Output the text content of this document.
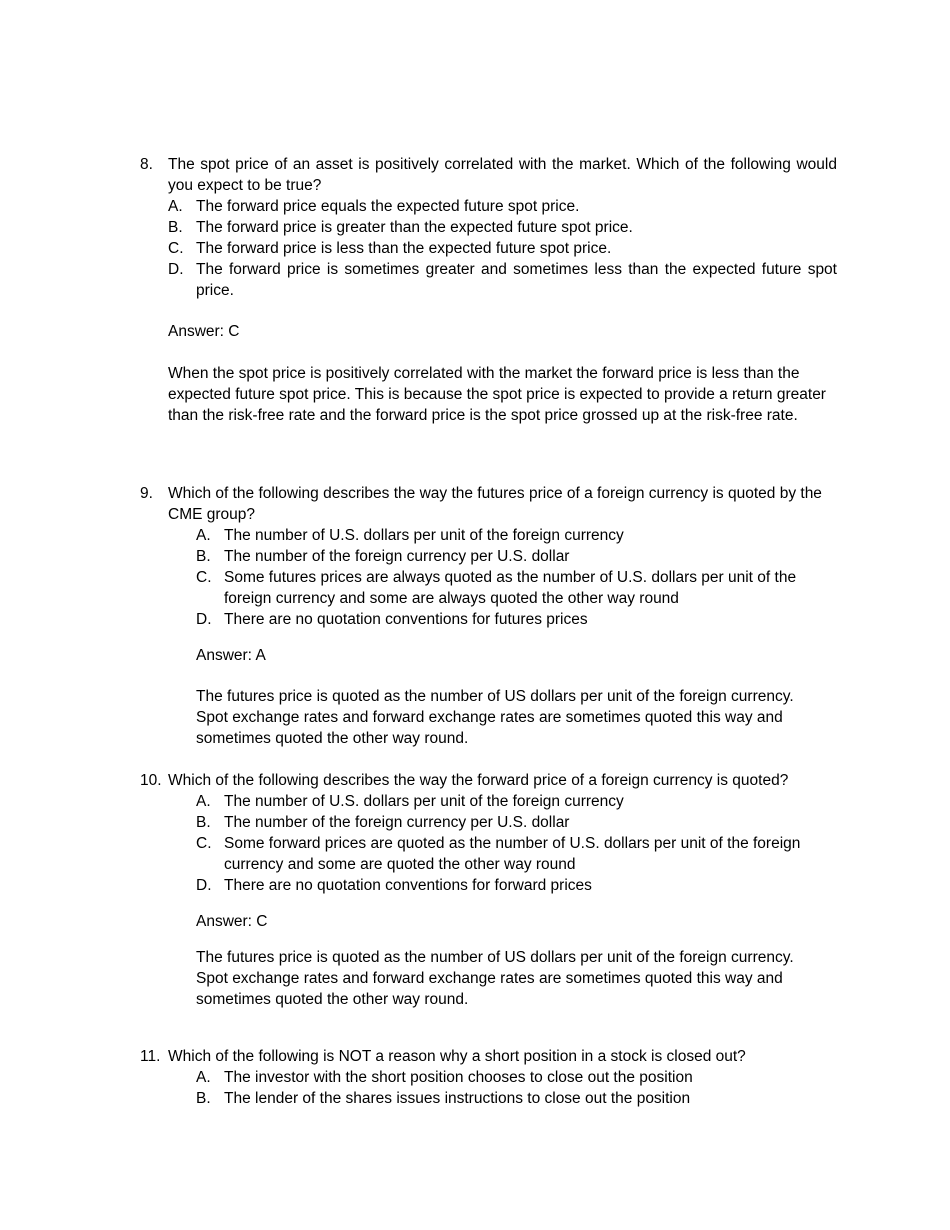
8. The spot price of an asset is positively correlated with the market. Which of the following would
you expect to be true?
A. The forward price equals the expected future spot price.
B. The forward price is greater than the expected future spot price.
C. The forward price is less than the expected future spot price.
D. The forward price is sometimes greater and sometimes less than the expected future spot
price.
Answer: C
When the spot price is positively correlated with the market the forward price is less than the
expected future spot price. This is because the spot price is expected to provide a return greater
than the risk-free rate and the forward price is the spot price grossed up at the risk-free rate.
9. Which of the following describes the way the futures price of a foreign currency is quoted by the
CME group?
A. The number of U.S. dollars per unit of the foreign currency
B. The number of the foreign currency per U.S. dollar
C. Some futures prices are always quoted as the number of U.S. dollars per unit of the
foreign currency and some are always quoted the other way round
D. There are no quotation conventions for futures prices
Answer: A
The futures price is quoted as the number of US dollars per unit of the foreign currency.
Spot exchange rates and forward exchange rates are sometimes quoted this way and
sometimes quoted the other way round.
10. Which of the following describes the way the forward price of a foreign currency is quoted?
A. The number of U.S. dollars per unit of the foreign currency
B. The number of the foreign currency per U.S. dollar
C. Some forward prices are quoted as the number of U.S. dollars per unit of the foreign
currency and some are quoted the other way round
D. There are no quotation conventions for forward prices
Answer: C
The futures price is quoted as the number of US dollars per unit of the foreign currency.
Spot exchange rates and forward exchange rates are sometimes quoted this way and
sometimes quoted the other way round.
11. Which of the following is NOT a reason why a short position in a stock is closed out?
A. The investor with the short position chooses to close out the position
B. The lender of the shares issues instructions to close out the position
